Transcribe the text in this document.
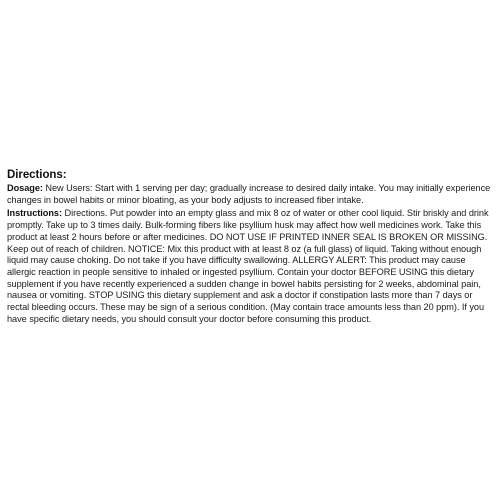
Directions:

Dosage: New Users: Start with 1 serving per day; gradually increase to desired daily intake. You may initially experience changes in bowel habits or minor bloating, as your body adjusts to increased fiber intake.

Instructions: Directions. Put powder into an empty glass and mix 8 oz of water or other cool liquid. Stir briskly and drink promptly. Take up to 3 times daily. Bulk-forming fibers like psyllium husk may affect how well medicines work. Take this product at least 2 hours before or after medicines. DO NOT USE IF PRINTED INNER SEAL IS BROKEN OR MISSING. Keep out of reach of children. NOTICE: Mix this product with at least 8 oz (a full glass) of liquid. Taking without enough liquid may cause choking. Do not take if you have difficulty swallowing. ALLERGY ALERT: This product may cause allergic reaction in people sensitive to inhaled or ingested psyllium. Contain your doctor BEFORE USING this dietary supplement if you have recently experienced a sudden change in bowel habits persisting for 2 weeks, abdominal pain, nausea or vomiting. STOP USING this dietary supplement and ask a doctor if constipation lasts more than 7 days or rectal bleeding occurs. These may be sign of a serious condition. (May contain trace amounts less than 20 ppm). If you have specific dietary needs, you should consult your doctor before consuming this product.
